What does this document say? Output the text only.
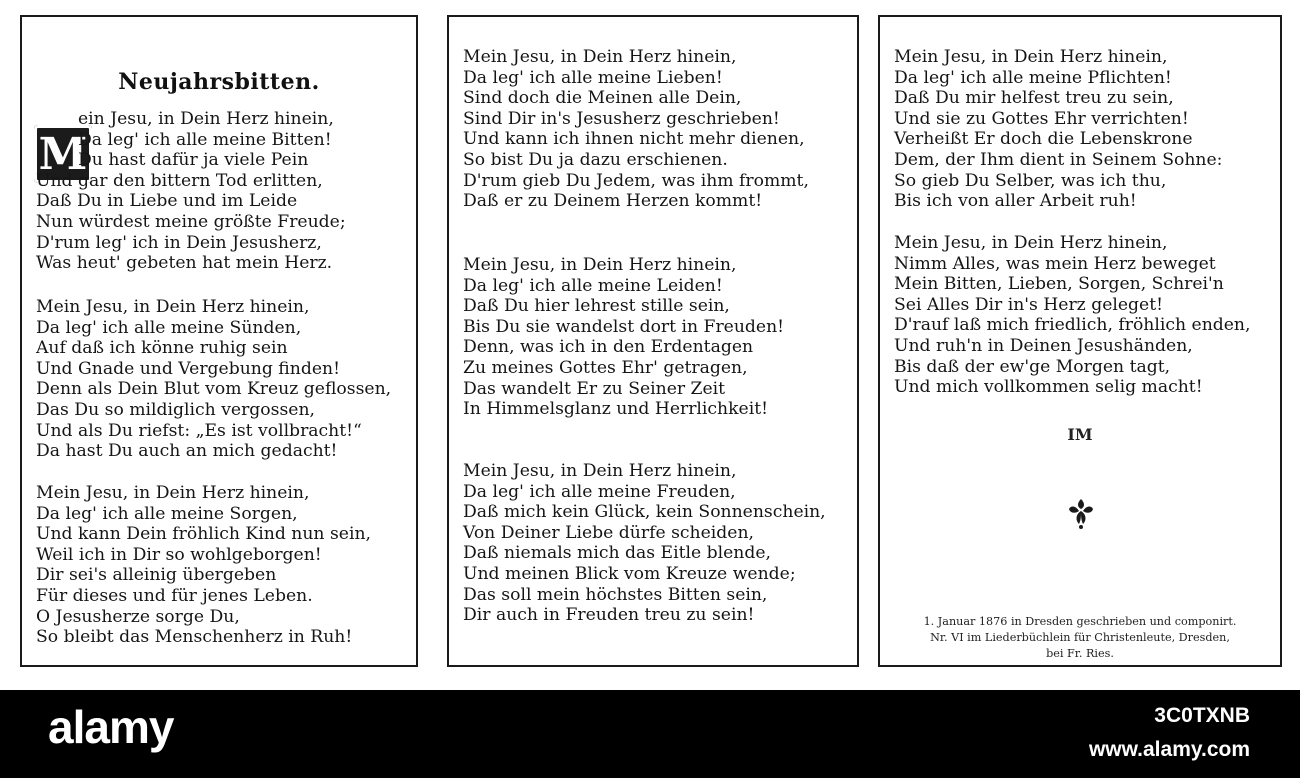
Neujahrsbitten.
M
ein Jesu, in Dein Herz hinein,
Da leg' ich alle meine Bitten!
Du hast dafür ja viele Pein
Und gar den bittern Tod erlitten,
Daß Du in Liebe und im Leide
Nun würdest meine größte Freude;
D'rum leg' ich in Dein Jesusherz,
Was heut' gebeten hat mein Herz.
Mein Jesu, in Dein Herz hinein,
Da leg' ich alle meine Sünden,
Auf daß ich könne ruhig sein
Und Gnade und Vergebung finden!
Denn als Dein Blut vom Kreuz geflossen,
Das Du so mildiglich vergossen,
Und als Du riefst: „Es ist vollbracht!“
Da hast Du auch an mich gedacht!
Mein Jesu, in Dein Herz hinein,
Da leg' ich alle meine Sorgen,
Und kann Dein fröhlich Kind nun sein,
Weil ich in Dir so wohlgeborgen!
Dir sei's alleinig übergeben
Für dieses und für jenes Leben.
O Jesusherze sorge Du,
So bleibt das Menschenherz in Ruh!
Mein Jesu, in Dein Herz hinein,
Da leg' ich alle meine Lieben!
Sind doch die Meinen alle Dein,
Sind Dir in's Jesusherz geschrieben!
Und kann ich ihnen nicht mehr dienen,
So bist Du ja dazu erschienen.
D'rum gieb Du Jedem, was ihm frommt,
Daß er zu Deinem Herzen kommt!
Mein Jesu, in Dein Herz hinein,
Da leg' ich alle meine Leiden!
Daß Du hier lehrest stille sein,
Bis Du sie wandelst dort in Freuden!
Denn, was ich in den Erdentagen
Zu meines Gottes Ehr' getragen,
Das wandelt Er zu Seiner Zeit
In Himmelsglanz und Herrlichkeit!
Mein Jesu, in Dein Herz hinein,
Da leg' ich alle meine Freuden,
Daß mich kein Glück, kein Sonnenschein,
Von Deiner Liebe dürfe scheiden,
Daß niemals mich das Eitle blende,
Und meinen Blick vom Kreuze wende;
Das soll mein höchstes Bitten sein,
Dir auch in Freuden treu zu sein!
Mein Jesu, in Dein Herz hinein,
Da leg' ich alle meine Pflichten!
Daß Du mir helfest treu zu sein,
Und sie zu Gottes Ehr verrichten!
Verheißt Er doch die Lebenskrone
Dem, der Ihm dient in Seinem Sohne:
So gieb Du Selber, was ich thu,
Bis ich von aller Arbeit ruh!
Mein Jesu, in Dein Herz hinein,
Nimm Alles, was mein Herz beweget
Mein Bitten, Lieben, Sorgen, Schrei'n
Sei Alles Dir in's Herz geleget!
D'rauf laß mich friedlich, fröhlich enden,
Und ruh'n in Deinen Jesushänden,
Bis daß der ew'ge Morgen tagt,
Und mich vollkommen selig macht!
IM
1. Januar 1876 in Dresden geschrieben und componirt.
Nr. VI im Liederbüchlein für Christenleute, Dresden,
bei Fr. Ries.
alamy	3C0TXNB
www.alamy.com
